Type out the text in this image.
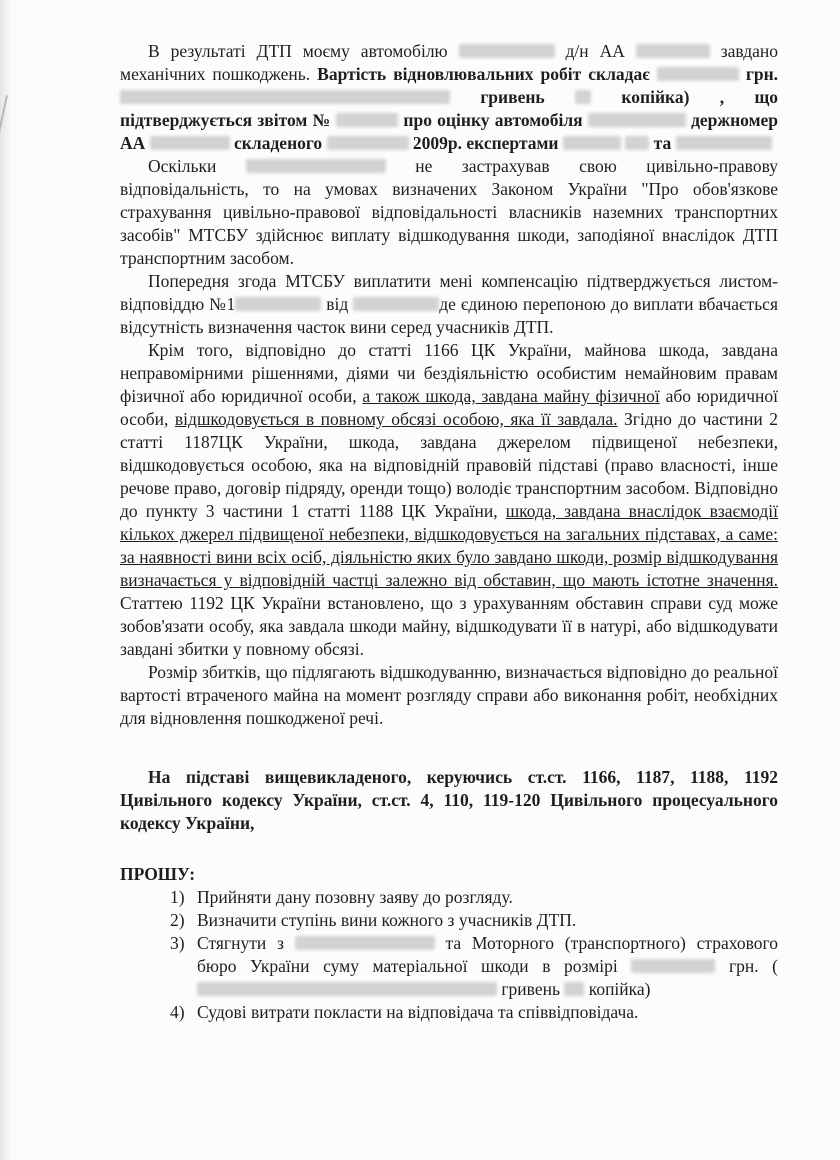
В результаті ДТП моєму автомобілю	д/н АА	завдано механічних пошкоджень. Вартість відновлювальних робіт складає	грн.  гривень	копійка) , що підтверджується звітом №	про оцінку автомобіля	держномер АА	складеного	2009р. експертами	та

Оскільки	не застрахував свою цивільно-правову відповідальність, то на умовах визначених Законом України "Про обов'язкове страхування цивільно-правової відповідальності власників наземних транспортних засобів" МТСБУ здійснює виплату відшкодування шкоди, заподіяної внаслідок ДТП транспортним засобом.

Попередня згода МТСБУ виплатити мені компенсацію підтверджується листом-відповіддю №1	від	де єдиною перепоною до виплати вбачається відсутність визначення часток вини серед учасників ДТП.

Крім того, відповідно до статті 1166 ЦК України, майнова шкода, завдана неправомірними рішеннями, діями чи бездіяльністю особистим немайновим правам фізичної або юридичної особи, а також шкода, завдана майну фізичної або юридичної особи, відшкодовується в повному обсязі особою, яка її завдала. Згідно до частини 2 статті 1187ЦК України, шкода, завдана джерелом підвищеної небезпеки, відшкодовується особою, яка на відповідній правовій підставі (право власності, інше речове право, договір підряду, оренди тощо) володіє транспортним засобом. Відповідно до пункту 3 частини 1 статті 1188 ЦК України, шкода, завдана внаслідок взаємодії кількох джерел підвищеної небезпеки, відшкодовується на загальних підставах, а саме: за наявності вини всіх осіб, діяльністю яких було завдано шкоди, розмір відшкодування визначається у відповідній частці залежно від обставин, що мають істотне значення. Статтею 1192 ЦК України встановлено, що з урахуванням обставин справи суд може зобов'язати особу, яка завдала шкоди майну, відшкодувати її в натурі, або відшкодувати завдані збитки у повному обсязі.

Розмір збитків, що підлягають відшкодуванню, визначається відповідно до реальної вартості втраченого майна на момент розгляду справи або виконання робіт, необхідних для відновлення пошкодженої речі.

На підставі вищевикладеного, керуючись ст.ст. 1166, 1187, 1188, 1192 Цивільного кодексу України, ст.ст. 4, 110, 119-120 Цивільного процесуального кодексу України,

ПРОШУ:

1) Прийняти дану позовну заяву до розгляду.
2) Визначити ступінь вини кожного з учасників ДТП.
3) Стягнути з	та Моторного (транспортного) страхового бюро України суму матеріальної шкоди в розмірі	грн. ( гривень копійка)
4) Судові витрати покласти на відповідача та співвідповідача.
